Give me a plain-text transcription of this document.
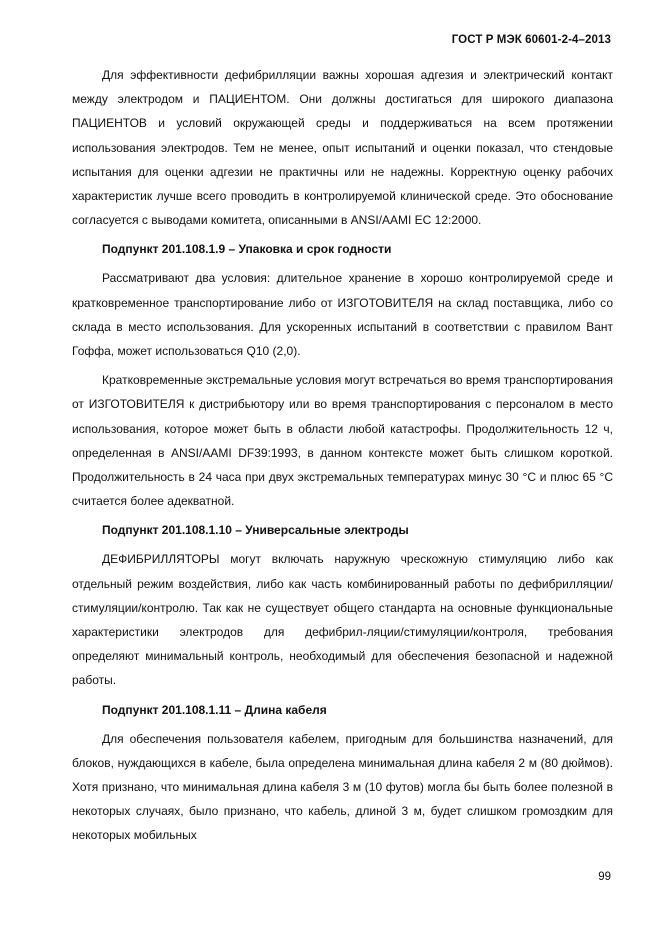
ГОСТ Р МЭК 60601-2-4–2013

Для эффективности дефибрилляции важны хорошая адгезия и электрический контакт между электродом и ПАЦИЕНТОМ. Они должны достигаться для широкого диапазона ПАЦИЕНТОВ и условий окружающей среды и поддерживаться на всем протяжении использования электродов. Тем не менее, опыт испытаний и оценки показал, что стендовые испытания для оценки адгезии не практичны или не надежны. Корректную оценку рабочих характеристик лучше всего проводить в контролируемой клинической среде. Это обоснование согласуется с выводами комитета, описанными в ANSI/AAMI EC 12:2000.

Подпункт 201.108.1.9 – Упаковка и срок годности

Рассматривают два условия: длительное хранение в хорошо контролируемой среде и кратковременное транспортирование либо от ИЗГОТОВИТЕЛЯ на склад поставщика, либо со склада в место использования. Для ускоренных испытаний в соответствии с правилом Вант Гоффа, может использоваться Q10 (2,0).

Кратковременные экстремальные условия могут встречаться во время транспортирования от ИЗГОТОВИТЕЛЯ к дистрибьютору или во время транспортирования с персоналом в место использования, которое может быть в области любой катастрофы. Продолжительность 12 ч, определенная в ANSI/AAMI DF39:1993, в данном контексте может быть слишком короткой. Продолжительность в 24 часа при двух экстремальных температурах минус 30 °С и плюс 65 °С считается более адекватной.

Подпункт 201.108.1.10 – Универсальные электроды

ДЕФИБРИЛЛЯТОРЫ могут включать наружную чрескожную стимуляцию либо как отдельный режим воздействия, либо как часть комбинированный работы по дефибрилляции/стимуляции/контролю. Так как не существует общего стандарта на основные функциональные характеристики электродов для дефибрил-ляции/стимуляции/контроля, требования определяют минимальный контроль, необходимый для обеспечения безопасной и надежной работы.

Подпункт 201.108.1.11 – Длина кабеля

Для обеспечения пользователя кабелем, пригодным для большинства назначений, для блоков, нуждающихся в кабеле, была определена минимальная длина кабеля 2 м (80 дюймов). Хотя признано, что минимальная длина кабеля 3 м (10 футов) могла бы быть более полезной в некоторых случаях, было признано, что кабель, длиной 3 м, будет слишком громоздким для некоторых мобильных

99
